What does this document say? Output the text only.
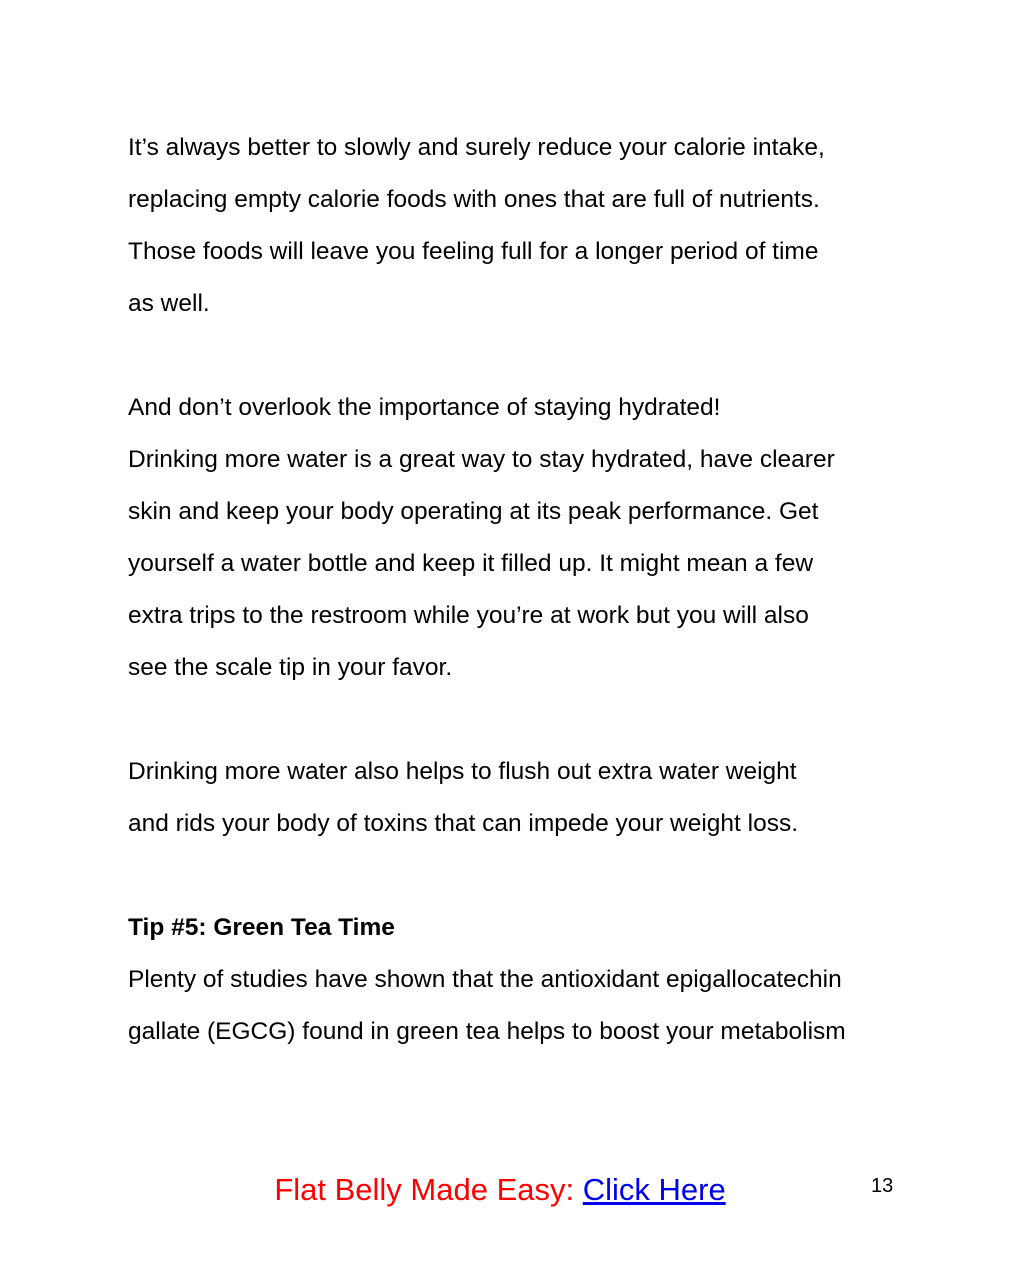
It’s always better to slowly and surely reduce your calorie intake,
replacing empty calorie foods with ones that are full of nutrients.
Those foods will leave you feeling full for a longer period of time
as well.
And don’t overlook the importance of staying hydrated!
Drinking more water is a great way to stay hydrated, have clearer
skin and keep your body operating at its peak performance. Get
yourself a water bottle and keep it filled up. It might mean a few
extra trips to the restroom while you’re at work but you will also
see the scale tip in your favor.
Drinking more water also helps to flush out extra water weight
and rids your body of toxins that can impede your weight loss.
Tip #5: Green Tea Time
Plenty of studies have shown that the antioxidant epigallocatechin
gallate (EGCG) found in green tea helps to boost your metabolism
Flat Belly Made Easy: Click Here	13
